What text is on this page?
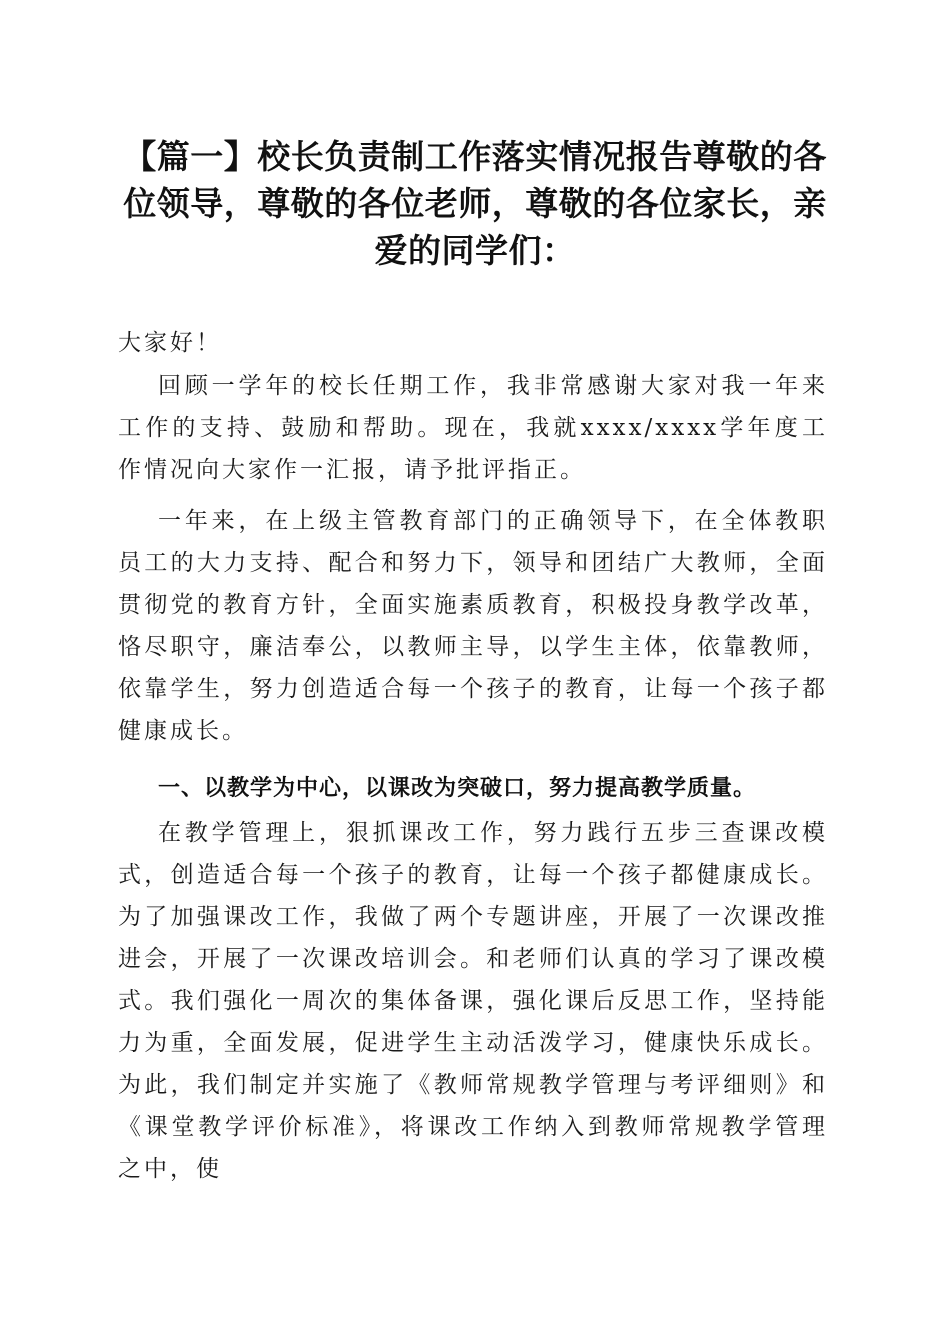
【篇一】校长负责制工作落实情况报告尊敬的各位领导，尊敬的各位老师，尊敬的各位家长，亲爱的同学们：

大家好！

回顾一学年的校长任期工作，我非常感谢大家对我一年来工作的支持、鼓励和帮助。现在，我就xxxx/xxxx学年度工作情况向大家作一汇报，请予批评指正。

一年来，在上级主管教育部门的正确领导下，在全体教职员工的大力支持、配合和努力下，领导和团结广大教师，全面贯彻党的教育方针，全面实施素质教育，积极投身教学改革，恪尽职守，廉洁奉公，以教师主导，以学生主体，依靠教师，依靠学生，努力创造适合每一个孩子的教育，让每一个孩子都健康成长。

一、以教学为中心，以课改为突破口，努力提高教学质量。

在教学管理上，狠抓课改工作，努力践行五步三查课改模式，创造适合每一个孩子的教育，让每一个孩子都健康成长。为了加强课改工作，我做了两个专题讲座，开展了一次课改推进会，开展了一次课改培训会。和老师们认真的学习了课改模式。我们强化一周次的集体备课，强化课后反思工作，坚持能力为重，全面发展，促进学生主动活泼学习，健康快乐成长。为此，我们制定并实施了《教师常规教学管理与考评细则》和《课堂教学评价标准》，将课改工作纳入到教师常规教学管理之中，使
